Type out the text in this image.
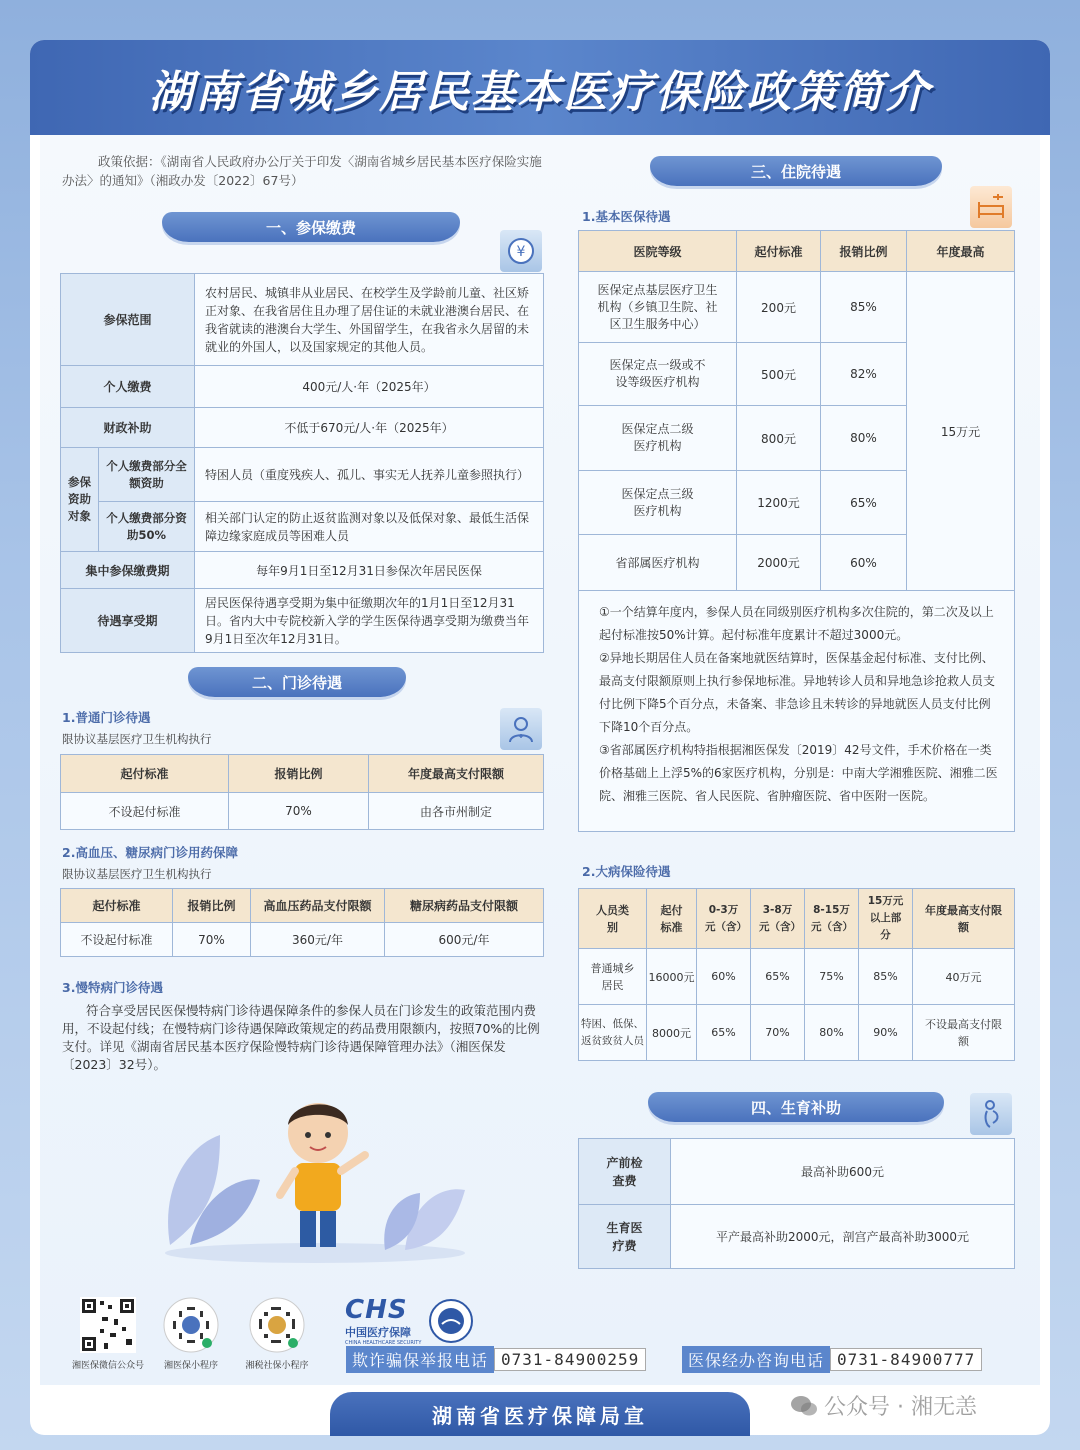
湖南省城乡居民基本医疗保险政策简介
政策依据：《湖南省人民政府办公厅关于印发〈湖南省城乡居民基本医疗保险实施办法〉的通知》（湘政办发〔2022〕67号）
一、参保缴费
¥
参保范围		农村居民、城镇非从业居民、在校学生及学龄前儿童、社区矫正对象、在我省居住且办理了居住证的未就业港澳台居民、在我省就读的港澳台大学生、外国留学生，在我省永久居留的未就业的外国人，以及国家规定的其他人员。
个人缴费		400元/人·年（2025年）
财政补助		不低于670元/人·年（2025年）
参保资助对象	个人缴费部分全额资助	特困人员（重度残疾人、孤儿、事实无人抚养儿童参照执行）
	个人缴费部分资助50%	相关部门认定的防止返贫监测对象以及低保对象、最低生活保障边缘家庭成员等困难人员
集中参保缴费期		每年9月1日至12月31日参保次年居民医保
待遇享受期		居民医保待遇享受期为集中征缴期次年的1月1日至12月31日。省内大中专院校新入学的学生医保待遇享受期为缴费当年9月1日至次年12月31日。
二、门诊待遇
1.普通门诊待遇
限协议基层医疗卫生机构执行
起付标准	报销比例	年度最高支付限额
不设起付标准	70%	由各市州制定
2.高血压、糖尿病门诊用药保障
限协议基层医疗卫生机构执行
起付标准	报销比例	高血压药品支付限额	糖尿病药品支付限额
不设起付标准	70%	360元/年	600元/年
3.慢特病门诊待遇
符合享受居民医保慢特病门诊待遇保障条件的参保人员在门诊发生的政策范围内费用，不设起付线；在慢特病门诊待遇保障政策规定的药品费用限额内，按照70%的比例支付。详见《湖南省居民基本医疗保险慢特病门诊待遇保障管理办法》（湘医保发〔2023〕32号）。
三、住院待遇
1.基本医保待遇
医院等级	起付标准	报销比例	年度最高
医保定点基层医疗卫生机构（乡镇卫生院、社区卫生服务中心）	200元	85%	15万元
医保定点一级或不设等级医疗机构	500元	82%	
医保定点二级医疗机构	800元	80%	
医保定点三级医疗机构	1200元	65%	
省部属医疗机构	2000元	60%	

①一个结算年度内，参保人员在同级别医疗机构多次住院的，第二次及以上起付标准按50%计算。起付标准年度累计不超过3000元。

②异地长期居住人员在备案地就医结算时，医保基金起付标准、支付比例、最高支付限额原则上执行参保地标准。异地转诊人员和异地急诊抢救人员支付比例下降5个百分点，未备案、非急诊且未转诊的异地就医人员支付比例下降10个百分点。

③省部属医疗机构特指根据湘医保发〔2019〕42号文件，手术价格在一类价格基础上上浮5%的6家医疗机构，分别是：中南大学湘雅医院、湘雅二医院、湘雅三医院、省人民医院、省肿瘤医院、省中医附一医院。

2.大病保险待遇
人员类别	起付标准	0-3万元（含）	3-8万元（含）	8-15万元（含）	15万元以上部分	年度最高支付限额
普通城乡居民	16000元	60%	65%	75%	85%	40万元
特困、低保、返贫致贫人员	8000元	65%	70%	80%	90%	不设最高支付限额
四、生育补助
产前检查费	最高补助600元
生育医疗费	平产最高补助2000元，剖宫产最高补助3000元
湘医保微信公众号	湘医保小程序	湘税社保小程序
CHS
中国医疗保障
CHINA HEALTHCARE SECURITY
欺诈骗保举报电话 0731-84900259	医保经办咨询电话 0731-84900777
湖南省医疗保障局宣	公众号 · 湘无恙
